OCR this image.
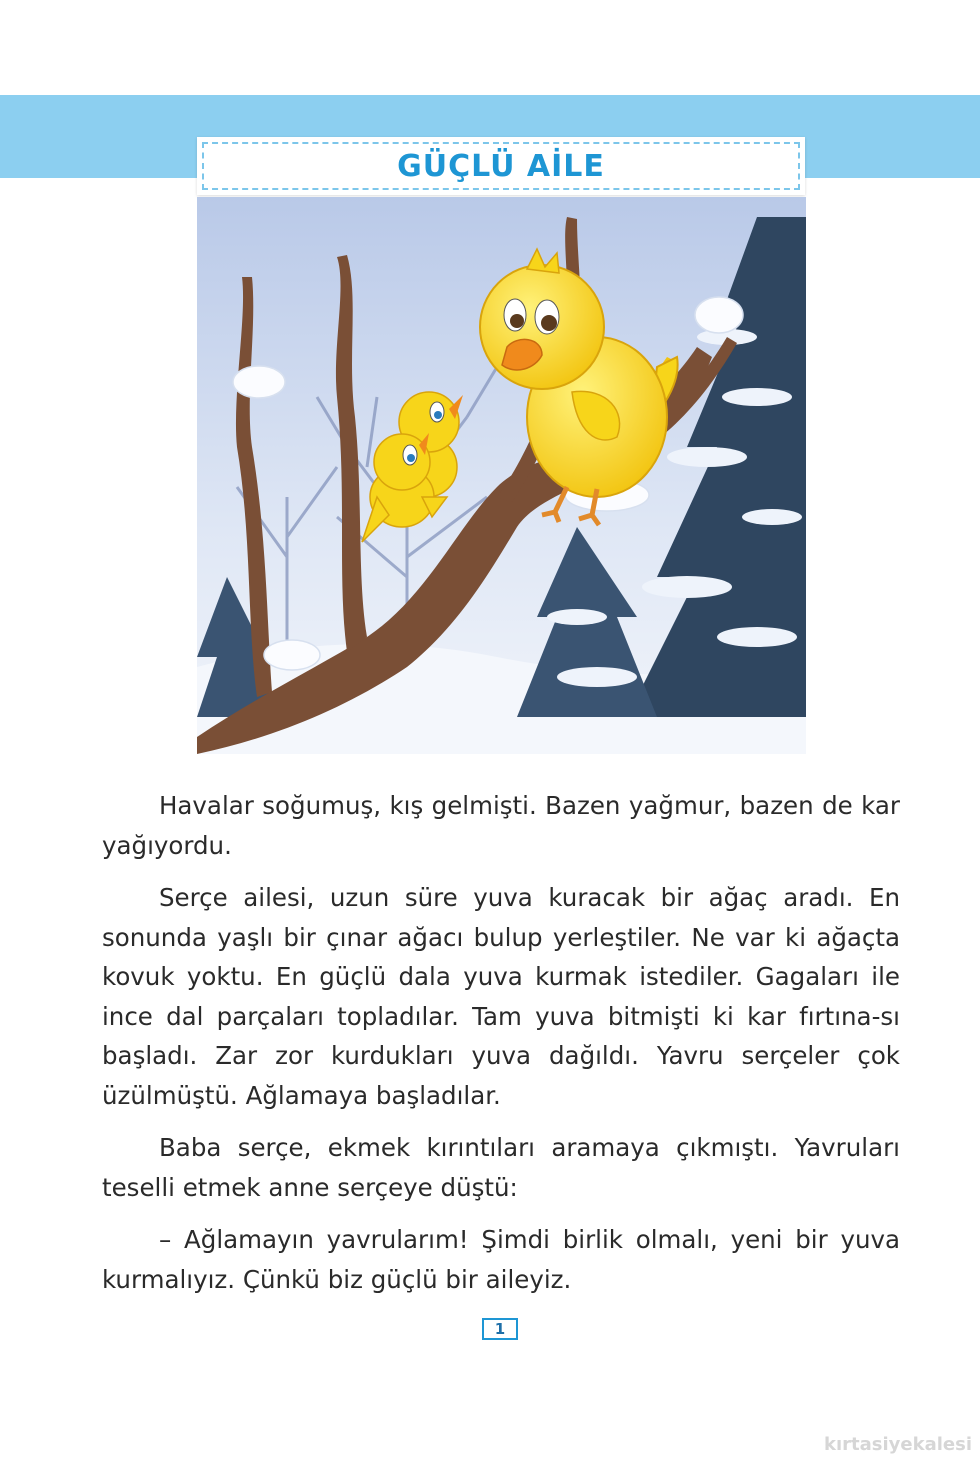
GÜÇLÜ AİLE

Havalar soğumuş, kış gelmişti. Bazen yağmur, bazen de kar yağıyordu.

Serçe ailesi, uzun süre yuva kuracak bir ağaç aradı. En sonunda yaşlı bir çınar ağacı bulup yerleştiler. Ne var ki ağaçta kovuk yoktu. En güçlü dala yuva kurmak istediler. Gagaları ile ince dal parçaları topladılar. Tam yuva bitmişti ki kar fırtına-sı başladı. Zar zor kurdukları yuva dağıldı. Yavru serçeler çok üzülmüştü. Ağlamaya başladılar.

Baba serçe, ekmek kırıntıları aramaya çıkmıştı. Yavruları teselli etmek anne serçeye düştü:

– Ağlamayın yavrularım! Şimdi birlik olmalı, yeni bir yuva kurmalıyız. Çünkü biz güçlü bir aileyiz.

1
kırtasiyekalesi
